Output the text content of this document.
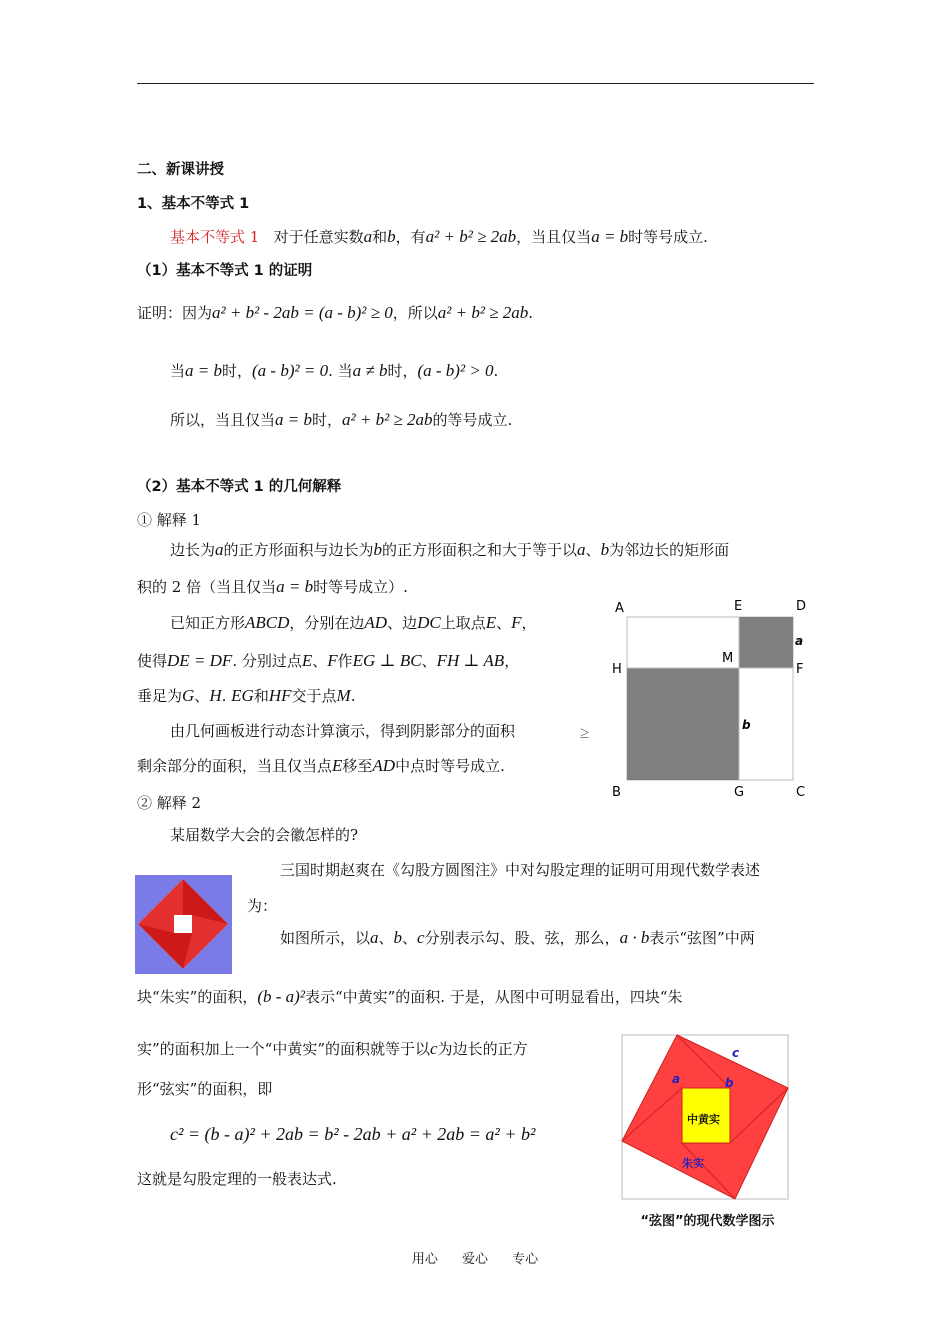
二、新课讲授
1、基本不等式 1
基本不等式 1 对于任意实数a和b，有a² + b² ≥ 2ab，当且仅当a = b时等号成立.
（1）基本不等式 1 的证明
证明：因为a² + b² - 2ab = (a - b)² ≥ 0，所以a² + b² ≥ 2ab.
当a = b时，(a - b)² = 0. 当a ≠ b时，(a - b)² > 0.
所以，当且仅当a = b时，a² + b² ≥ 2ab的等号成立.
（2）基本不等式 1 的几何解释
① 解释 1
边长为a的正方形面积与边长为b的正方形面积之和大于等于以a、b为邻边长的矩形面
积的 2 倍（当且仅当a = b时等号成立）.
已知正方形ABCD，分别在边AD、边DC上取点E、F，
使得DE = DF. 分别过点E、F作EG ⊥ BC、FH ⊥ AB，
垂足为G、H. EG和HF交于点M.
由几何画板进行动态计算演示，得到阴影部分的面积	≥
剩余部分的面积，当且仅当点E移至AD中点时等号成立.
A	E	D
a
M
H	F
b
B	G	C
② 解释 2
某届数学大会的会徽怎样的?
三国时期赵爽在《勾股方圆图注》中对勾股定理的证明可用现代数学表述
为：
如图所示，以a、b、c分别表示勾、股、弦，那么，a · b表示“弦图”中两
块“朱实”的面积，(b - a)²表示“中黄实”的面积. 于是，从图中可明显看出，四块“朱
实”的面积加上一个“中黄实”的面积就等于以c为边长的正方
形“弦实”的面积，即
c² = (b - a)² + 2ab = b² - 2ab + a² + 2ab = a² + b²
这就是勾股定理的一般表达式.
c
a	b
中黄实
朱实
“弦图”的现代数学图示
用心 爱心 专心
